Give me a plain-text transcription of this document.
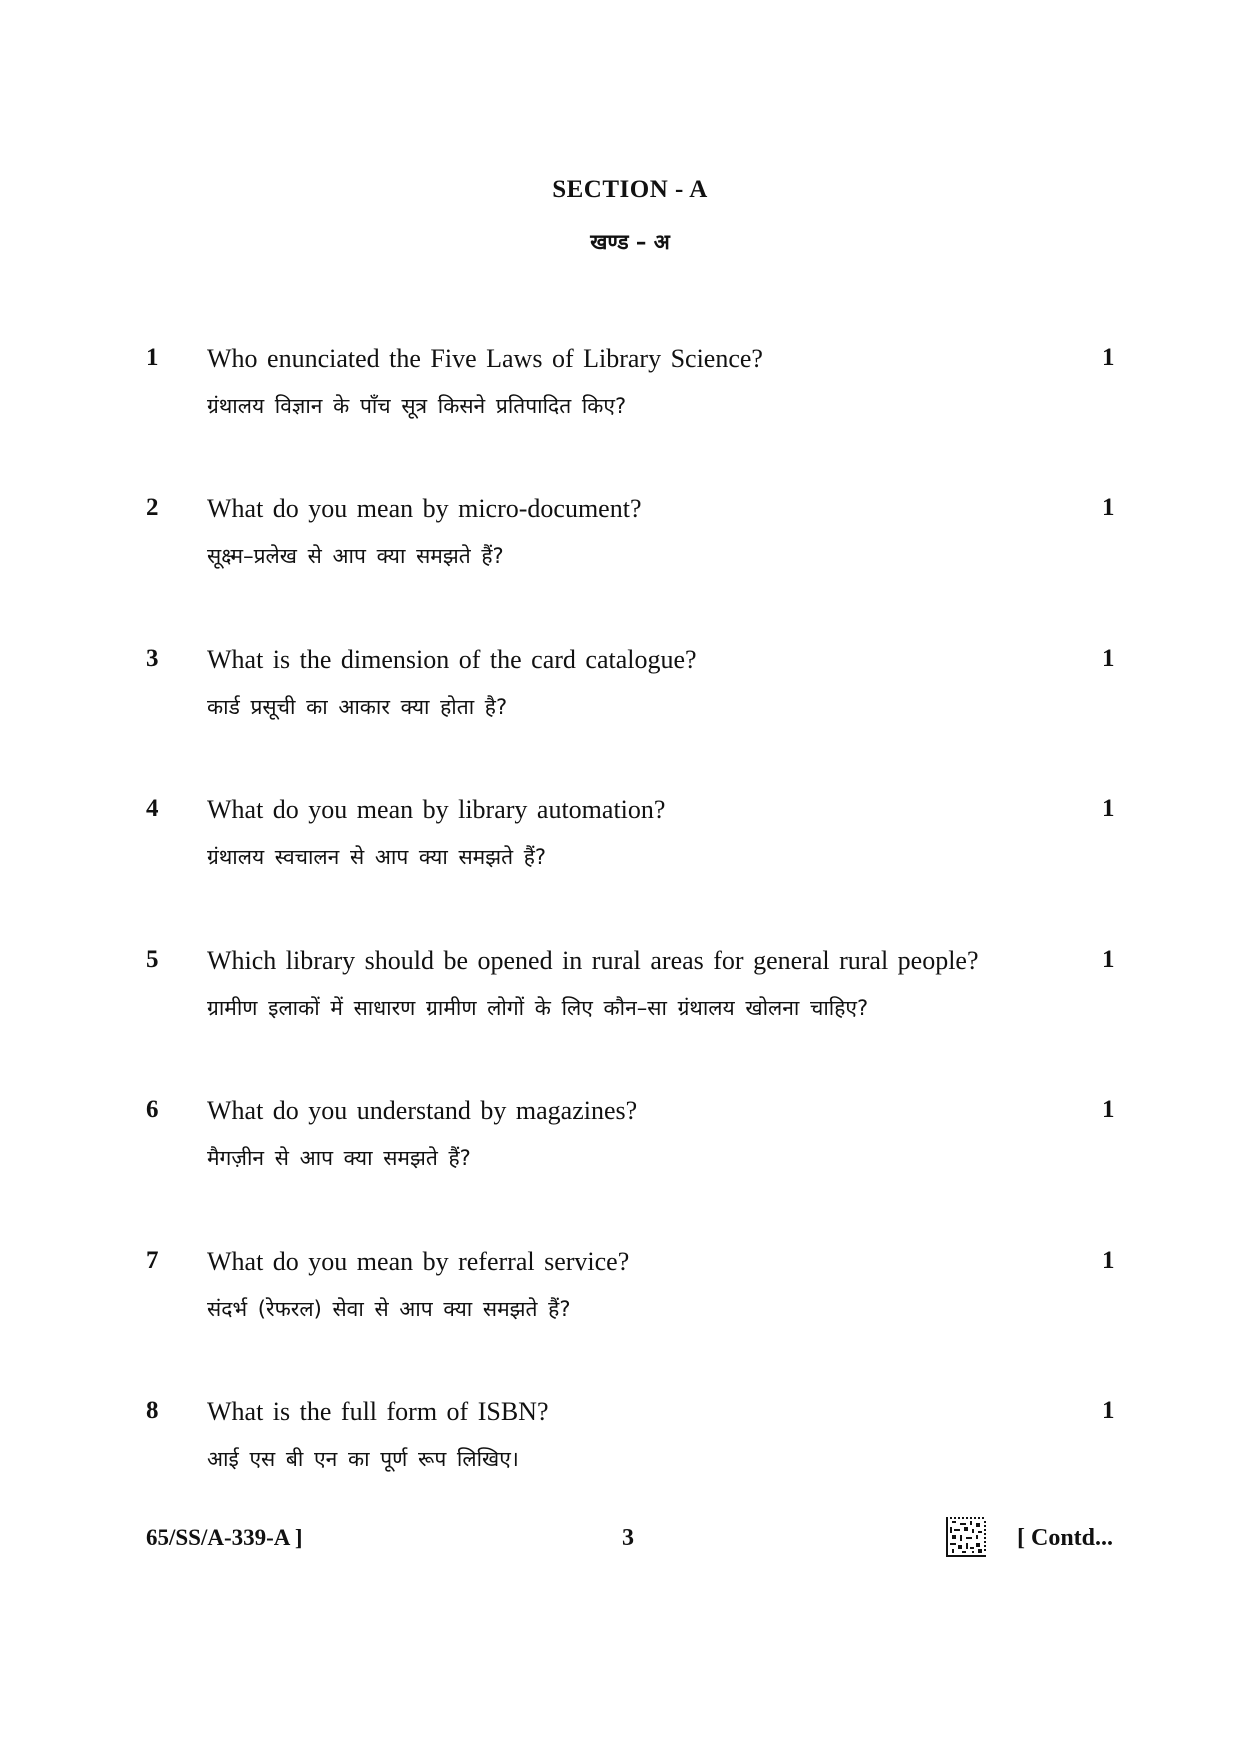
SECTION - A
खण्ड – अ
1 Who enunciated the Five Laws of Library Science?
ग्रंथालय विज्ञान के पाँच सूत्र किसने प्रतिपादित किए?
1
2 What do you mean by micro-document?
सूक्ष्म–प्रलेख से आप क्या समझते हैं?
1
3 What is the dimension of the card catalogue?
कार्ड प्रसूची का आकार क्या होता है?
1
4 What do you mean by library automation?
ग्रंथालय स्वचालन से आप क्या समझते हैं?
1
5 Which library should be opened in rural areas for general rural people?
ग्रामीण इलाकों में साधारण ग्रामीण लोगों के लिए कौन–सा ग्रंथालय खोलना चाहिए?
1
6 What do you understand by magazines?
मैगज़ीन से आप क्या समझते हैं?
1
7 What do you mean by referral service?
संदर्भ (रेफरल) सेवा से आप क्या समझते हैं?
1
8 What is the full form of ISBN?
आई एस बी एन का पूर्ण रूप लिखिए।
1
65/SS/A-339-A ]	3	[ Contd...
